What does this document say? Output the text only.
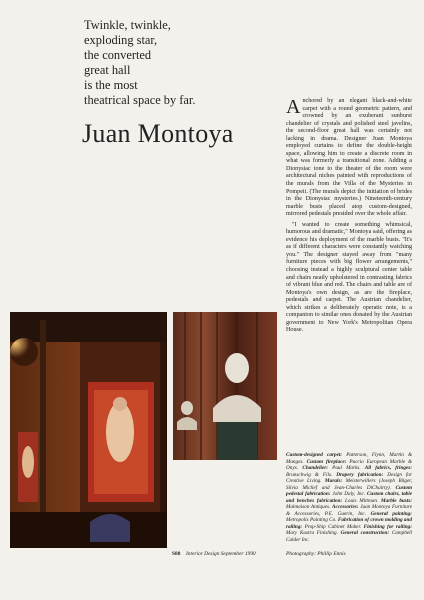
Twinkle, twinkle,
exploding star,
the converted
great hall
is the most
theatrical space by far.
Juan Montoya

Anchored by an elegant black-and-white carpet with a round geometric pattern, and crowned by an exuberant sunburst chandelier of crystals and polished steel javelins, the second-floor great hall was certainly not lacking in drama. Designer Juan Montoya employed curtains to define the double-height space, allowing him to create a discrete room in what was formerly a transitional zone. Adding a Dionysiac tone to the theater of the room were architectural niches painted with reproductions of the murals from the Villa of the Mysteries in Pompeii. (The murals depict the initiation of brides in the Dionysiac mysteries.) Nineteenth-century marble busts placed atop custom-designed, mirrored pedestals presided over the whole affair.

"I wanted to create something whimsical, humorous and dramatic," Montoya said, offering as evidence his deployment of the marble busts. "It's as if different characters were constantly watching you." The designer stayed away from "many furniture pieces with big flower arrangements," choosing instead a highly sculptural center table and chairs neatly upholstered in contrasting fabrics of vibrant blue and red. The chairs and table are of Montoya's own design, as are the fireplace, pedestals and carpet. The Austrian chandelier, which strikes a deliberately operatic note, is a companion to similar ones donated by the Austrian government to New York's Metropolitan Opera House.

Custom-designed carpet: Patterson, Flynn, Martin & Manges. Custom fireplace: Puccio European Marble & Onyx. Chandelier: Paul Marks. All fabrics, fringes: Brunschwig & Fils. Drapery fabrication: Design for Creative Living. Murals: Meisterwillers (Joseph Bilger, Silvia Miclief and Jean-Charles DiChairty). Custom pedestal fabrication: John Daly, Inc. Custom chairs, table and benches fabrication: Louis Mittman. Marble busts: Malmaison Antiques. Accessories: Juan Montoya Furniture & Accessories, P.E. Guerin, Inc. General painting: Metropolis Painting Co. Fabrication of crown molding and railing: Prop-Ship Cabinet Maker. Finishing for railing: Mary Kustra Finishing. General construction: Campbell Calder Inc.
S88 Interior Design September 1990	Photography: Phillip Ennis
